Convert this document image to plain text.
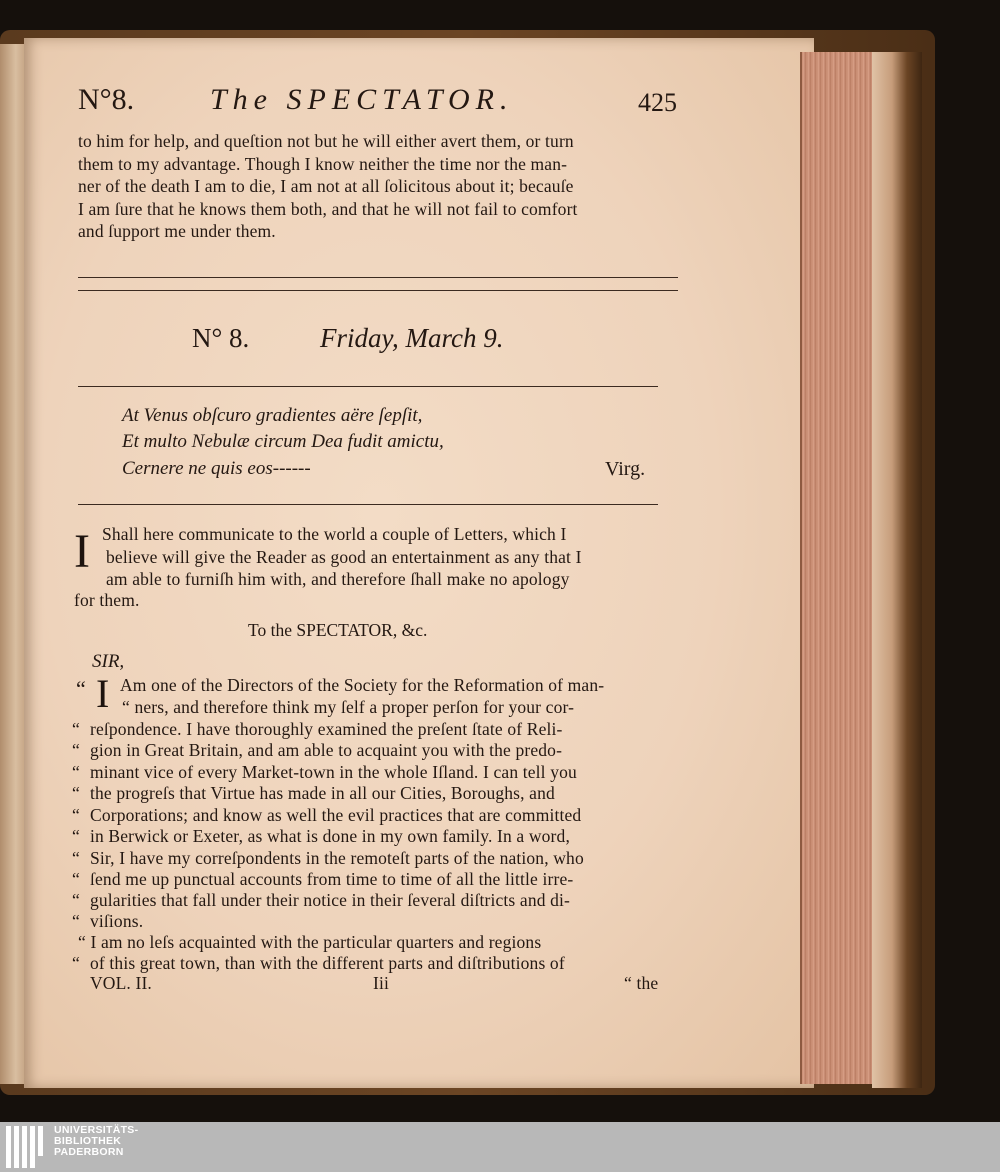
N°8.	The SPECTATOR.	425
to him for help, and queſtion not but he will either avert them, or turn
them to my advantage. Though I know neither the time nor the man-
ner of the death I am to die, I am not at all ſolicitous about it; becauſe
I am ſure that he knows them both, and that he will not fail to comfort
and ſupport me under them.
N° 8.	Friday, March 9.
At Venus obſcuro gradientes aëre ſepſit,
Et multo Nebulæ circum Dea fudit amictu,
Cernere ne quis eos------	Virg.
I Shall here communicate to the world a couple of Letters, which I
believe will give the Reader as good an entertainment as any that I
am able to furniſh him with, and therefore ſhall make no apology
for them.
To the SPECTATOR, &c.
SIR,
“ I Am one of the Directors of the Society for the Reformation of man-
“ ners, and therefore think my ſelf a proper perſon for your cor-
“ reſpondence. I have thoroughly examined the preſent ſtate of Reli-
“ gion in Great Britain, and am able to acquaint you with the predo-
“ minant vice of every Market-town in the whole Iſland. I can tell you
“ the progreſs that Virtue has made in all our Cities, Boroughs, and
“ Corporations; and know as well the evil practices that are committed
“ in Berwick or Exeter, as what is done in my own family. In a word,
“ Sir, I have my correſpondents in the remoteſt parts of the nation, who
“ ſend me up punctual accounts from time to time of all the little irre-
“ gularities that fall under their notice in their ſeveral diſtricts and di-
“ viſions.
“ I am no leſs acquainted with the particular quarters and regions
“ of this great town, than with the different parts and diſtributions of
VOL. II.	Iii	“ the
UNIVERSITÄTS-
BIBLIOTHEK
PADERBORN
